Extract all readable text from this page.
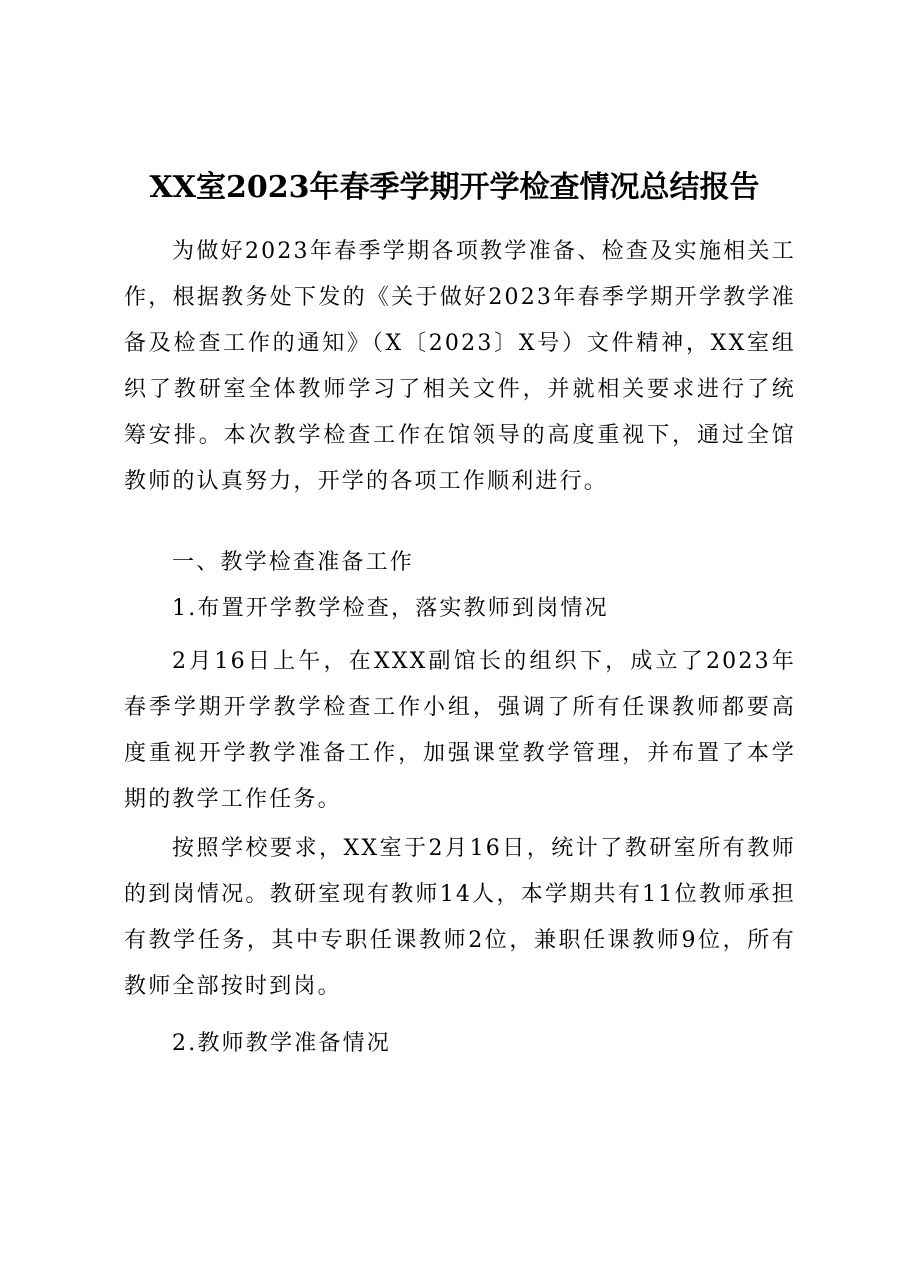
XX室2023年春季学期开学检查情况总结报告

为做好2023年春季学期各项教学准备、检查及实施相关工作，根据教务处下发的《关于做好2023年春季学期开学教学准备及检查工作的通知》（X〔2023〕X号）文件精神，XX室组织了教研室全体教师学习了相关文件，并就相关要求进行了统筹安排。本次教学检查工作在馆领导的高度重视下，通过全馆教师的认真努力，开学的各项工作顺利进行。

一、教学检查准备工作

1.布置开学教学检查，落实教师到岗情况

2月16日上午，在XXX副馆长的组织下，成立了2023年春季学期开学教学检查工作小组，强调了所有任课教师都要高度重视开学教学准备工作，加强课堂教学管理，并布置了本学期的教学工作任务。

按照学校要求，XX室于2月16日，统计了教研室所有教师的到岗情况。教研室现有教师14人，本学期共有11位教师承担有教学任务，其中专职任课教师2位，兼职任课教师9位，所有教师全部按时到岗。

2.教师教学准备情况
